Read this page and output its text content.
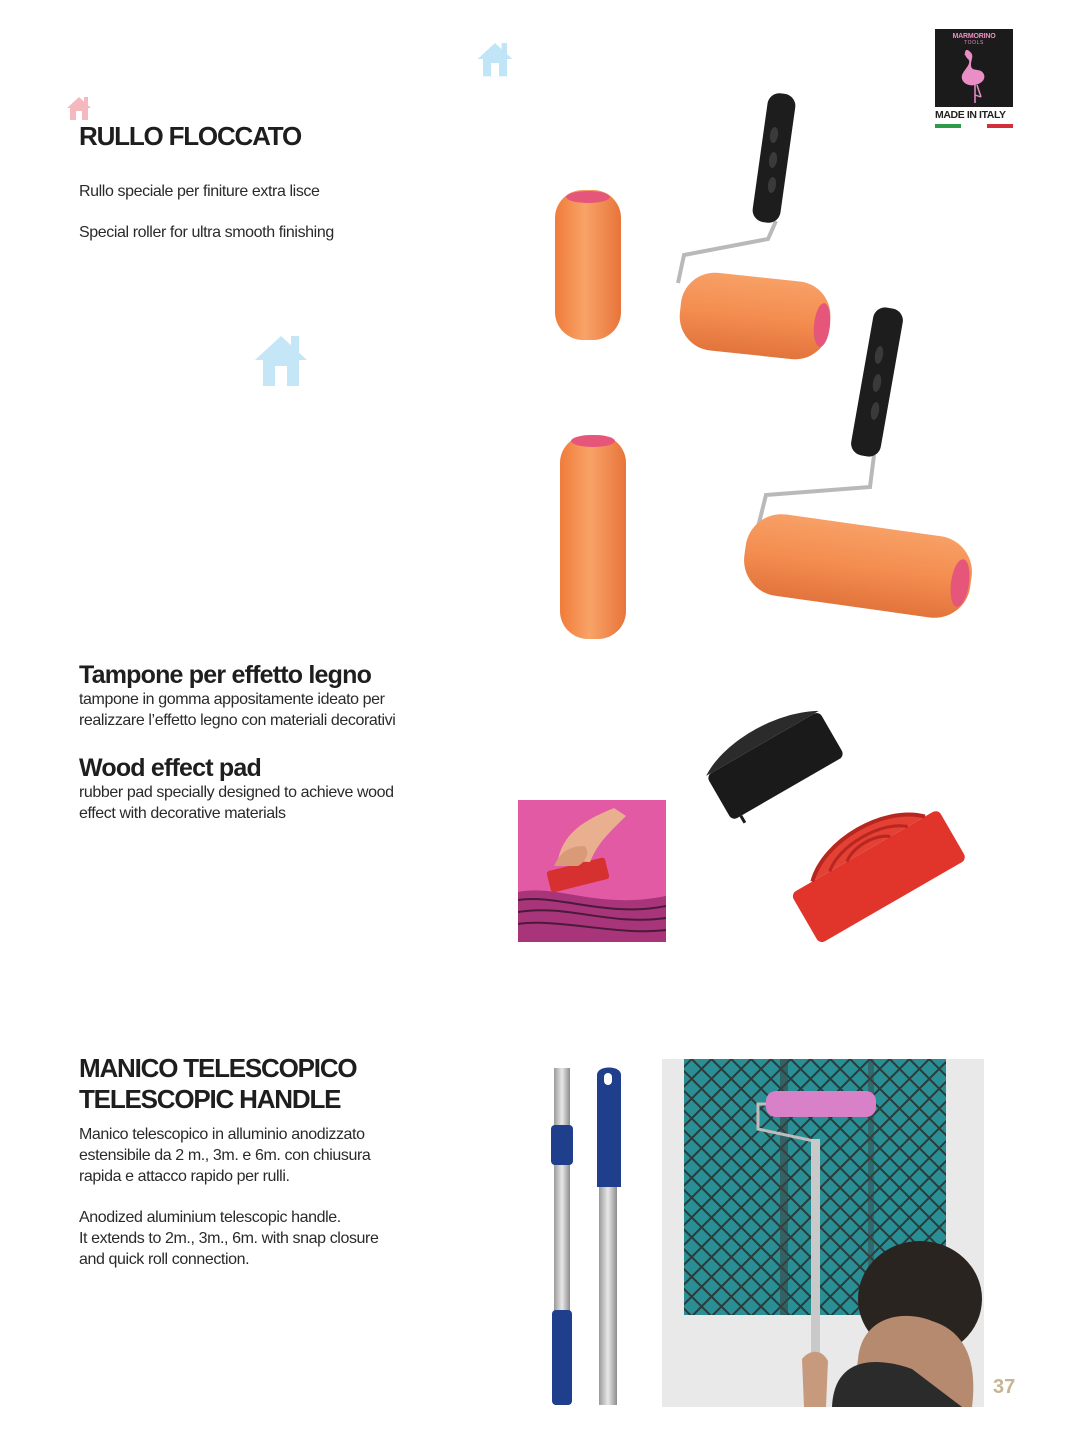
MARMORINO
TOOLS
MADE IN ITALY
RULLO FLOCCATO

Rullo speciale per finiture extra lisce

Special roller for ultra smooth finishing

Tampone per effetto legno

tampone in gomma appositamente ideato per

realizzare l’effetto legno con materiali decorativi

Wood effect pad

rubber pad specially designed to achieve wood

effect with decorative materials

MANICO TELESCOPICO
TELESCOPIC HANDLE

Manico telescopico in alluminio anodizzato

estensibile da 2 m., 3m. e 6m. con chiusura

rapida e attacco rapido per rulli.

Anodized aluminium telescopic handle.

It extends to 2m., 3m., 6m. with snap closure

and quick roll connection.

37
